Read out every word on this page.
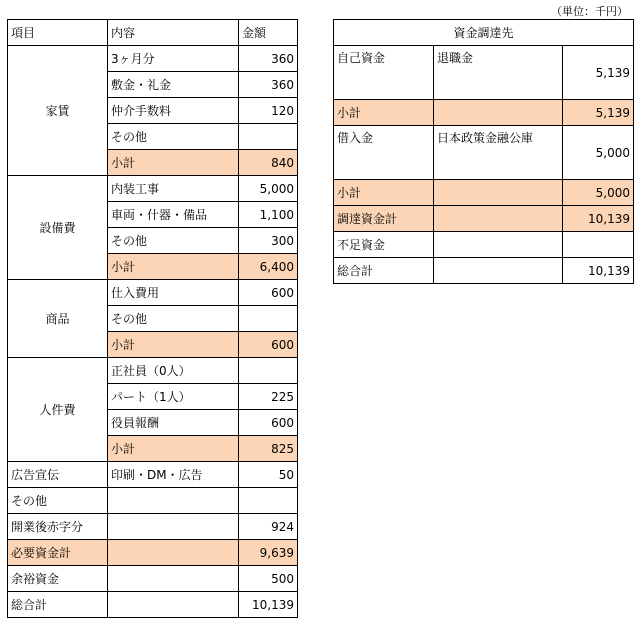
（単位：千円）
項目	内容	金額
家賃	3ヶ月分	360
	敷金・礼金	360
	仲介手数料	120
	その他	
	小計	840
設備費	内装工事	5,000
	車両・什器・備品	1,100
	その他	300
	小計	6,400
商品	仕入費用	600
	その他	
	小計	600
人件費	正社員（0人）	
	パート（1人）	225
	役員報酬	600
	小計	825
広告宣伝	印刷・DM・広告	50
その他		
開業後赤字分		924
必要資金計		9,639
余裕資金		500
総合計		10,139
資金調達先		
自己資金	退職金	5,139
小計		5,139
借入金	日本政策金融公庫	5,000
小計		5,000
調達資金計		10,139
不足資金		
総合計		10,139
